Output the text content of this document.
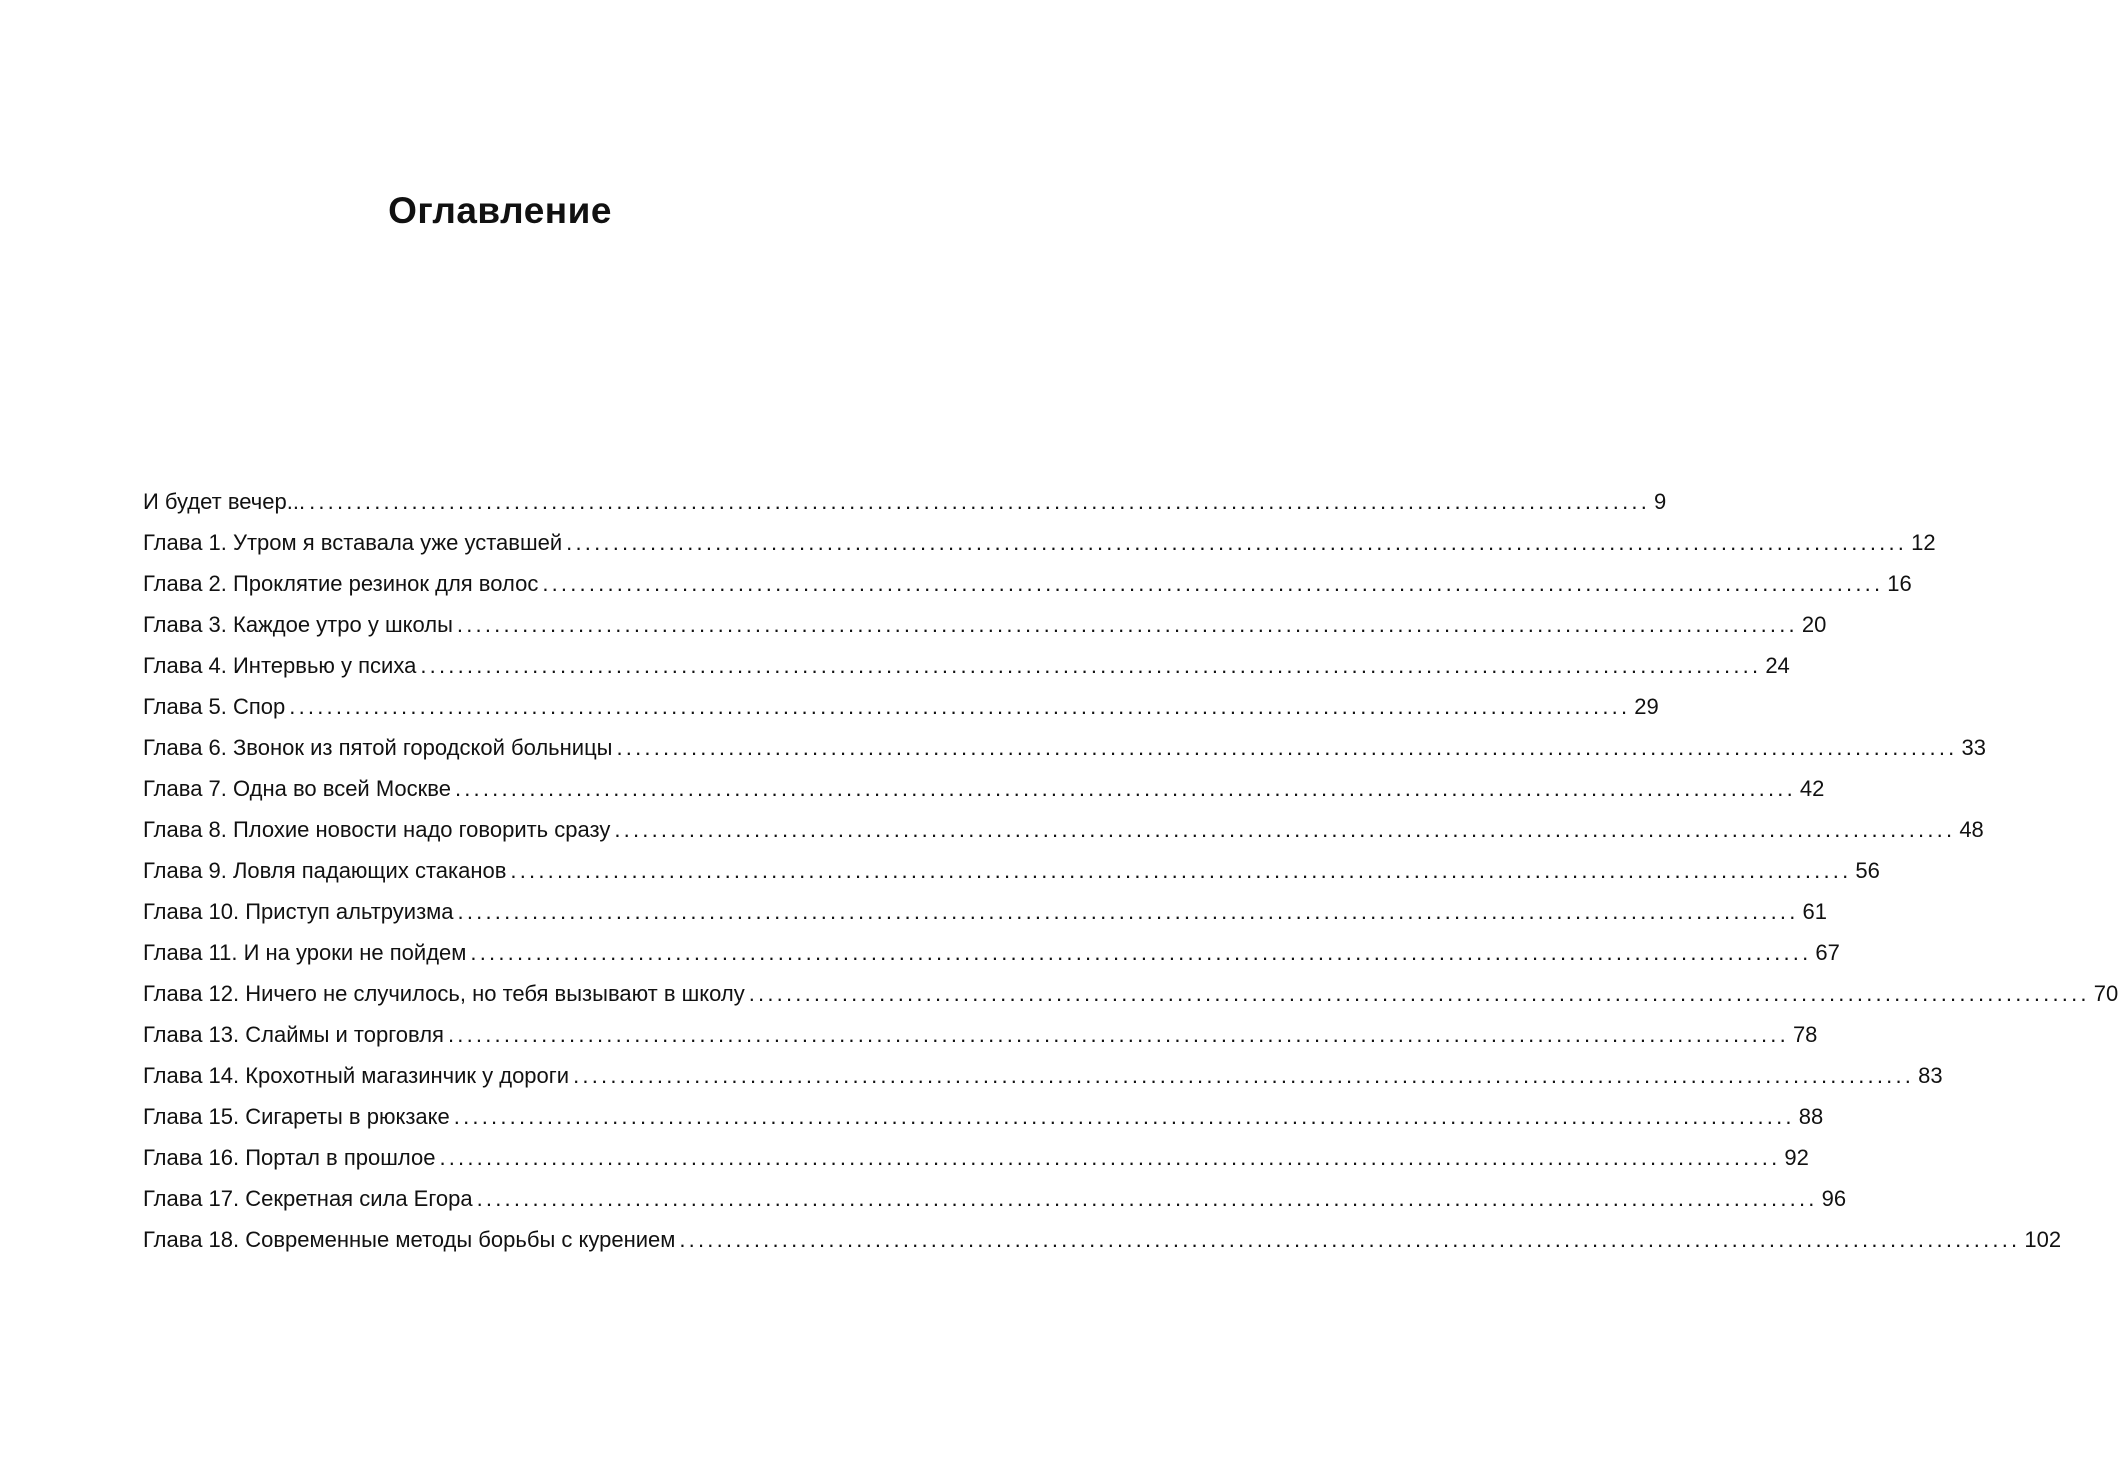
Оглавление
И будет вечер... ................................................................................................................................................ 9
Глава 1. Утром я вставала уже уставшей ................................................................................................................................................ 12
Глава 2. Проклятие резинок для волос ................................................................................................................................................ 16
Глава 3. Каждое утро у школы ................................................................................................................................................ 20
Глава 4. Интервью у психа ................................................................................................................................................ 24
Глава 5. Спор ................................................................................................................................................ 29
Глава 6. Звонок из пятой городской больницы ................................................................................................................................................ 33
Глава 7. Одна во всей Москве ................................................................................................................................................ 42
Глава 8. Плохие новости надо говорить сразу ................................................................................................................................................ 48
Глава 9. Ловля падающих стаканов ................................................................................................................................................ 56
Глава 10. Приступ альтруизма ................................................................................................................................................ 61
Глава 11. И на уроки не пойдем ................................................................................................................................................ 67
Глава 12. Ничего не случилось, но тебя вызывают в школу ................................................................................................................................................ 70
Глава 13. Слаймы и торговля ................................................................................................................................................ 78
Глава 14. Крохотный магазинчик у дороги ................................................................................................................................................ 83
Глава 15. Сигареты в рюкзаке ................................................................................................................................................ 88
Глава 16. Портал в прошлое ................................................................................................................................................ 92
Глава 17. Секретная сила Егора ................................................................................................................................................ 96
Глава 18. Современные методы борьбы с курением ................................................................................................................................................ 102
